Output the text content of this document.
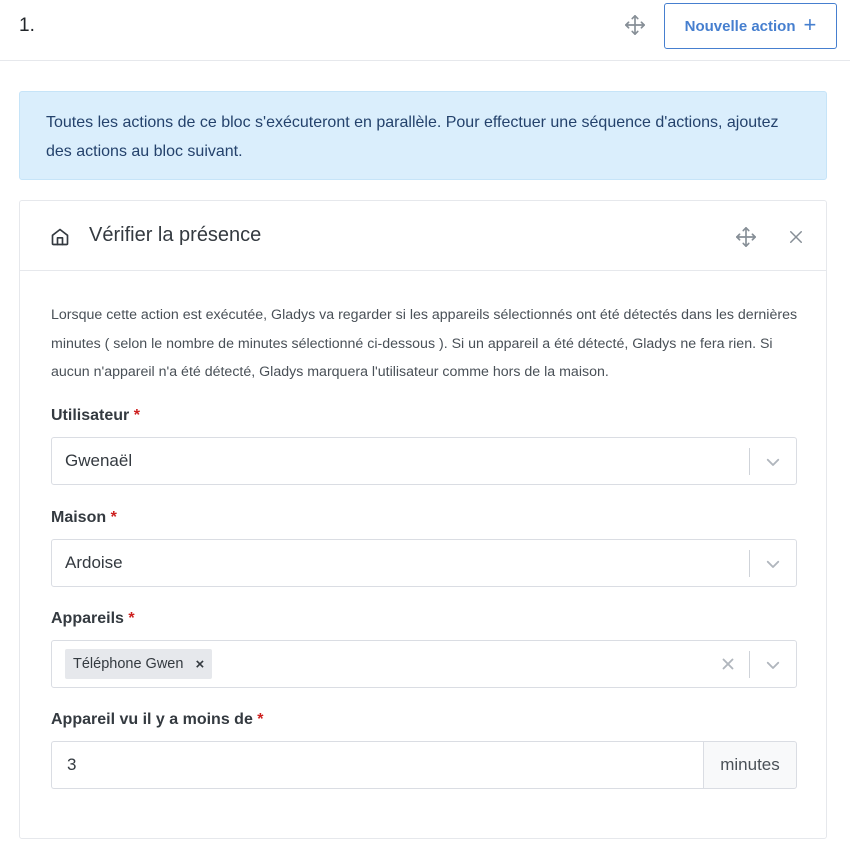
1.	Nouvelle action +
Toutes les actions de ce bloc s'exécuteront en parallèle. Pour effectuer une séquence d'actions, ajoutez des actions au bloc suivant.
Vérifier la présence
Lorsque cette action est exécutée, Gladys va regarder si les appareils sélectionnés ont été détectés dans les dernières minutes ( selon le nombre de minutes sélectionné ci-dessous ). Si un appareil a été détecté, Gladys ne fera rien. Si aucun n'appareil n'a été détecté, Gladys marquera l'utilisateur comme hors de la maison.
Utilisateur *
Gwenaël
Maison *
Ardoise
Appareils *
Téléphone Gwen ×
Appareil vu il y a moins de *
3
minutes
